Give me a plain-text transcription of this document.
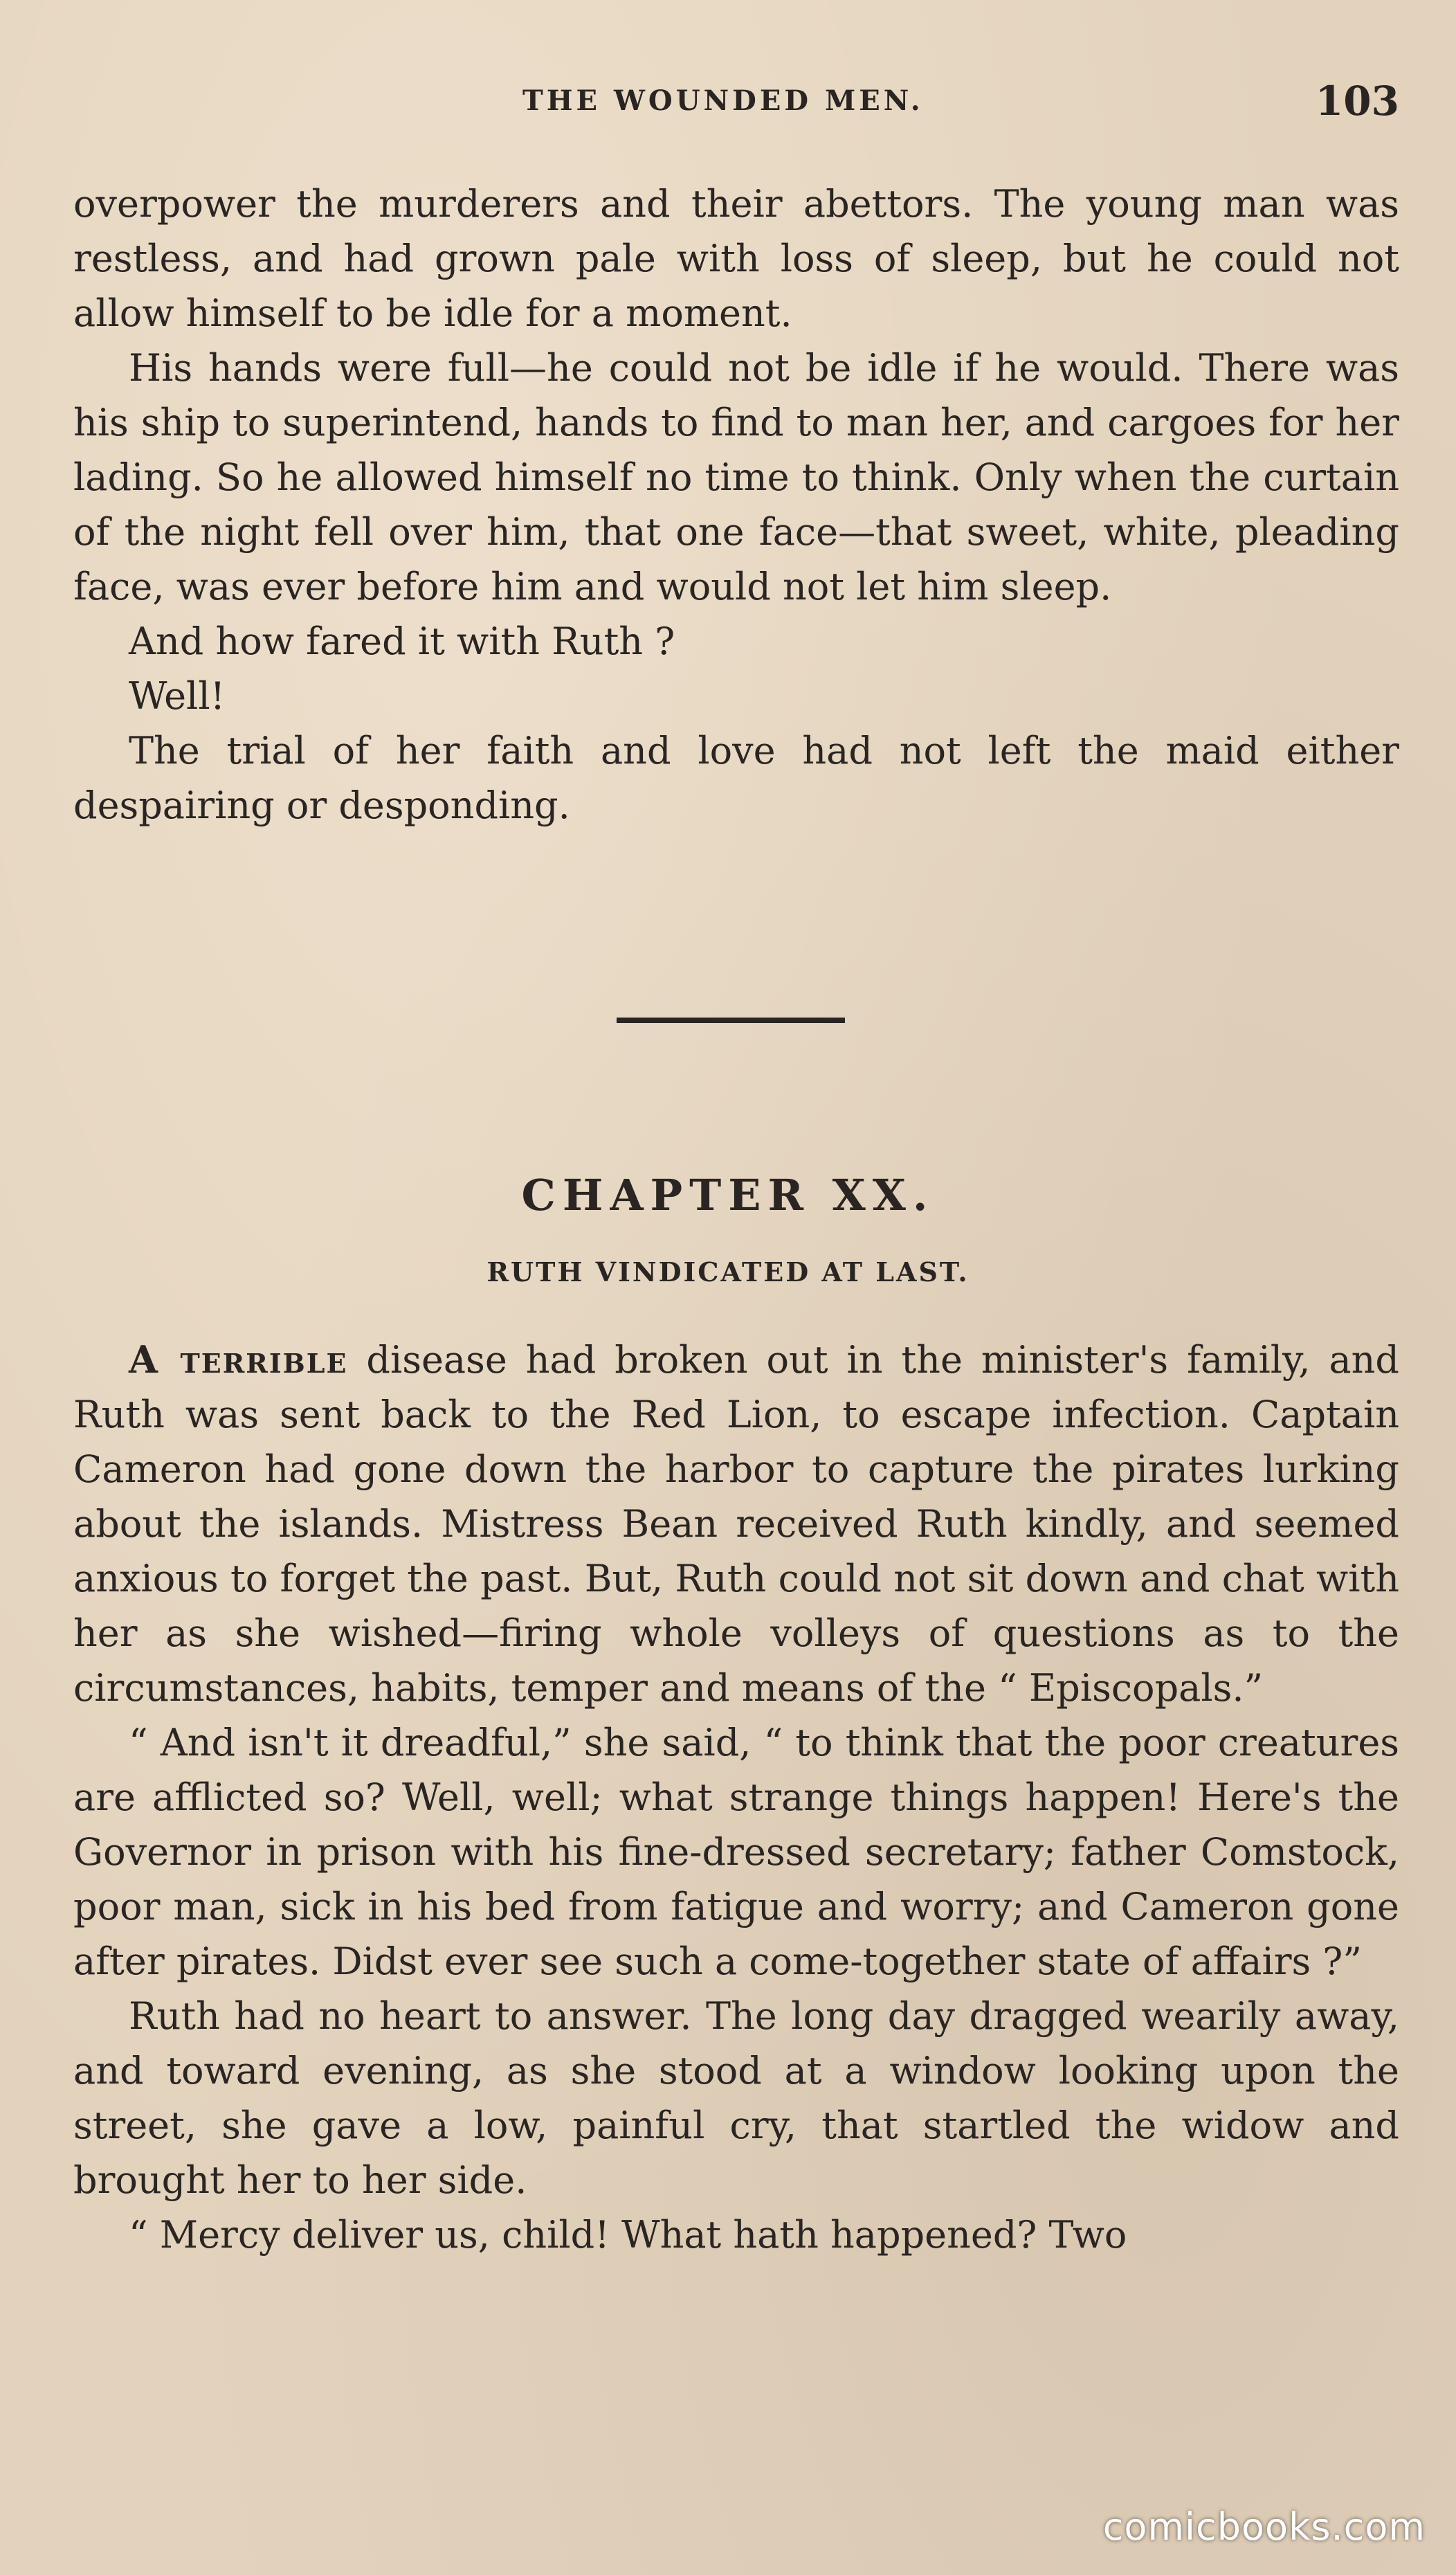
THE WOUNDED MEN.	103

overpower the murderers and their abettors. The young man was restless, and had grown pale with loss of sleep, but he could not allow himself to be idle for a moment.

His hands were full—he could not be idle if he would. There was his ship to superintend, hands to find to man her, and cargoes for her lading. So he allowed himself no time to think. Only when the curtain of the night fell over him, that one face—that sweet, white, pleading face, was ever before him and would not let him sleep.

And how fared it with Ruth ?

Well!

The trial of her faith and love had not left the maid either despairing or desponding.

CHAPTER XX.
RUTH VINDICATED AT LAST.

A terrible disease had broken out in the minister's family, and Ruth was sent back to the Red Lion, to escape infection. Captain Cameron had gone down the harbor to capture the pirates lurking about the islands. Mistress Bean received Ruth kindly, and seemed anxious to forget the past. But, Ruth could not sit down and chat with her as she wished—firing whole volleys of questions as to the circumstances, habits, temper and means of the “ Episcopals.”

“ And isn't it dreadful,” she said, “ to think that the poor creatures are afflicted so? Well, well; what strange things happen! Here's the Governor in prison with his fine-dressed secretary; father Comstock, poor man, sick in his bed from fatigue and worry; and Cameron gone after pirates. Didst ever see such a come-together state of affairs ?”

Ruth had no heart to answer. The long day dragged wearily away, and toward evening, as she stood at a window looking upon the street, she gave a low, painful cry, that startled the widow and brought her to her side.

“ Mercy deliver us, child! What hath happened? Two

comicbooks.com
